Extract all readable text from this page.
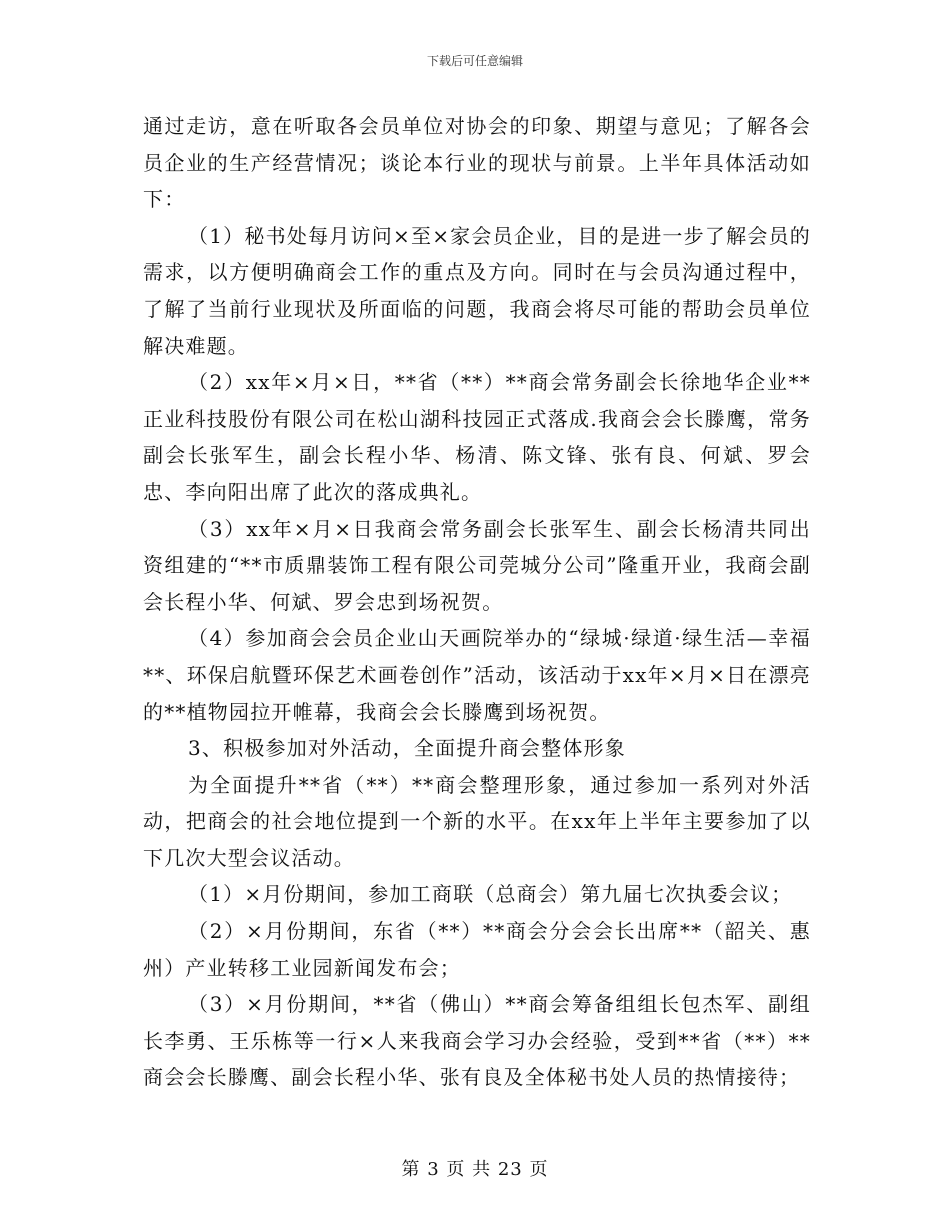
下载后可任意编辑

通过走访，意在听取各会员单位对协会的印象、期望与意见；了解各会员企业的生产经营情况；谈论本行业的现状与前景。上半年具体活动如下：

（1）秘书处每月访问×至×家会员企业，目的是进一步了解会员的需求，以方便明确商会工作的重点及方向。同时在与会员沟通过程中，了解了当前行业现状及所面临的问题，我商会将尽可能的帮助会员单位解决难题。

（2）xx年×月×日，**省（**）**商会常务副会长徐地华企业**正业科技股份有限公司在松山湖科技园正式落成.我商会会长滕鹰，常务副会长张军生，副会长程小华、杨清、陈文锋、张有良、何斌、罗会忠、李向阳出席了此次的落成典礼。

（3）xx年×月×日我商会常务副会长张军生、副会长杨清共同出资组建的“**市质鼎装饰工程有限公司莞城分公司”隆重开业，我商会副会长程小华、何斌、罗会忠到场祝贺。

（4）参加商会会员企业山天画院举办的“绿城·绿道·绿生活—幸福**、环保启航暨环保艺术画卷创作”活动，该活动于xx年×月×日在漂亮的**植物园拉开帷幕，我商会会长滕鹰到场祝贺。

3、积极参加对外活动，全面提升商会整体形象

为全面提升**省（**）**商会整理形象，通过参加一系列对外活动，把商会的社会地位提到一个新的水平。在xx年上半年主要参加了以下几次大型会议活动。

（1）×月份期间，参加工商联（总商会）第九届七次执委会议；

（2）×月份期间，东省（**）**商会分会会长出席**（韶关、惠州）产业转移工业园新闻发布会；

（3）×月份期间，**省（佛山）**商会筹备组组长包杰军、副组长李勇、王乐栋等一行×人来我商会学习办会经验，受到**省（**）**商会会长滕鹰、副会长程小华、张有良及全体秘书处人员的热情接待；

第 3 页 共 23 页
